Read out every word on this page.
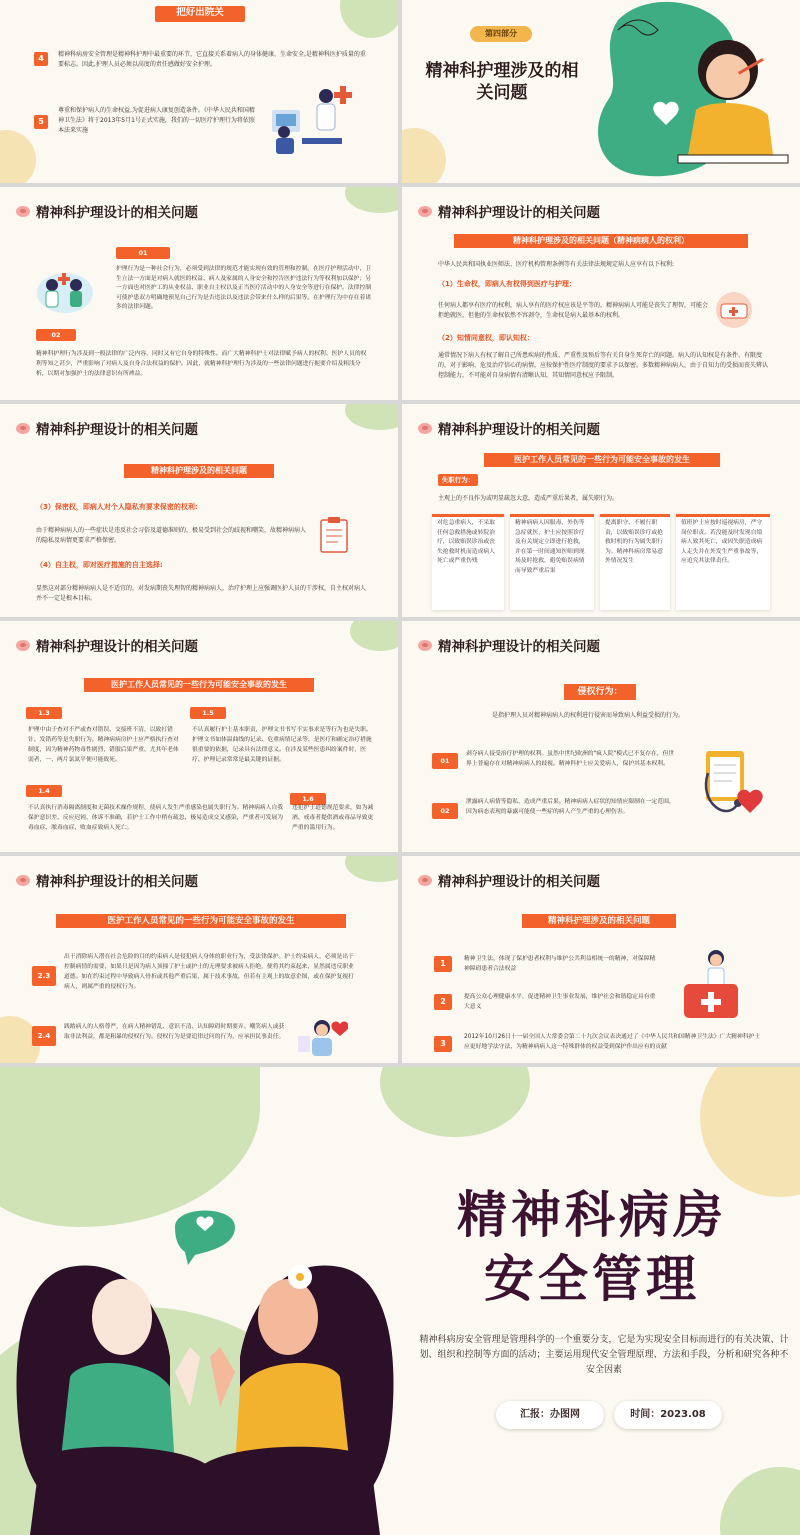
把好出院关
4	精神科病房安全管理是精神科护理中最重要的环节，它直接关系着病人的身体健康、生命安全,是精神科医护质量的重要标志。因此,护理人员必须以高度的责任感做好安全护理。
5
尊重和保护病人的生命权益,为促进病人康复创造条件。《中华人民共和国精神卫生法》将于2013年5月1号正式实施，我们的一切医疗护理行为将依照本法来实施
第四部分
精神科护理涉及的相关问题
精神科护理设计的相关问题
01
护理行为是一种社会行为，必须受到法律的规范才能实现有效的管理和控制。在医疗护理活动中，卫生立法一方面是对病人就医的权益、病人及家属的人身安全和控告医护违法行为等权利加以保护；另一方面也对医护工的从业权益、职业自主权以及正当医疗活动中的人身安全等进行在保护。法律控制可使护患双方明确地预见自己行为是否违法以及违法会带来什么样的后果等。在护理行为中存在着诸多的法律问题。
02
精神科护理行为涉及到一般法律的广泛内容，同时又有它自身的特殊性。而广大精神科护士对法律赋予病人的权利、医护人员的权利等知之甚少，严重影响了对病人及自身合法权益的保护。因此，就精神科护理行为涉及的一些法律问题进行扼要介绍及粗浅分析，以期对加强护士的法律意识有所裨益。
精神科护理设计的相关问题
精神科护理涉及的相关问题（精神病病人的权利）
中华人民共和国执业医师法、医疗机构管理条例等有关法律法规规定病人应享有以下权利:
（1）生命权，即病人有权得到医疗与护理：
任何病人都享有医疗的权利，病人享有的医疗权应该是平等的，精神病病人可能是丧失了理智，可能会拒绝就医，但他的生命权依然不容剥夺，生命权是病人最基本的权利。
（2）知情同意权，即认知权：
通常情况下病人有权了解自己所患疾病的性质、严重性及预后等有关自身生死存亡的问题。病人的认知权是有条件、有限度的，对于影响、危及治疗信心的病情，应按保护性医疗制度的要求予以保密。多数精神病病人，由于自知力的受损而丧失辨认控制能力，不可能对自身病情有清晰认知，其知情同意权应予限制。
精神科护理设计的相关问题
精神科护理涉及的相关问题
（3）保密权，即病人对个人隐私有要求保密的权利:
由于精神病病人的一些症状是违反社会习俗及道德准则的，极易受到社会的歧视和嘲笑，故精神病病人的隐私及病情更要求严格保密。
（4）自主权，即对医疗措施的自主选择:
显然这对部分精神病病人是不适宜的，对发病期丧失理智的精神病病人，治疗护理上应强调医护人员的干涉权，自主权对病人并不一定是根本目标。
精神科护理设计的相关问题
医护工作人员常见的一些行为可能安全事故的发生
失职行为：
主观上的不良作为或明显疏忽大意，造成严重后果者，属失职行为。
对危急重病人，不采取任何急救措施或转院治疗，以致贻误诊治或丧失抢救时机而造成病人死亡或严重伤残
精神病病人因服毒、外伤等急症就医，护士应按照诊疗及有关规定立即进行抢救，并在第一时间通知医师到现场及时抢救，避免贻误病情而导致严重后果
提离职守、不履行职责，以致贻误诊疗或抢救时机的行为属失职行为。精神科病房常易意外情况发生
值班护士应按时巡视病房，严守岗位职责。若没能及时发现自缢病人致其死亡，或因失职造成病人走失并在外发生严重事故等，应追究其法律责任。
精神科护理设计的相关问题
医护工作人员常见的一些行为可能安全事故的发生
1.3
护理中由于查对不严或查对错误、交接班不清，以致打错针、发错药等是失职行为。精神病病房护士应严格执行查对制度，因为精神药物毒性剧烈，错服后果严重，尤其年老体弱者，一、两片氯氮平便可能致死。
1.5
不认真履行护士基本职责，护理文书书写不实事求是等行为也是失职。护理文书如体温曲线的记录、危重病情记录等，是医疗和确定治疗措施很重要的依据，记录具有法律意义。在涉及某些医患纠纷案件时，医疗、护理记录常常是最关键的证据。
1.4
不认真执行消毒隔离制度和无菌技术操作规程，使病人发生严重感染也属失职行为。精神病病人自我保护意识差、反应迟钝、体诉不准确，若护士工作中稍有疏忽，极易造成交叉感染，严重者可发展为毒血症、脓毒血症、败血症致病人死亡。
1.6
违犯护士道德规范要求，如为减酒、戒毒者提供酒或毒品导致更严重的滥用行为。
精神科护理设计的相关问题
侵权行为：
是指护理人员对精神病病人的权利进行侵害而导致病人利益受损的行为。
01
剥夺病人接受治疗护理的权利。虽然中世纪欧洲的"疯人院"模式已不复存在，但世界上普遍存在对精神病病人的歧视。精神科护士应关爱病人，保护其基本权利。
02
泄露病人病情等隐私，造成严重后果。精神病病人症状的知情应限制在一定范围，因为病态表现的暴露可能使一些症的病人产生严重的心理伤害。
精神科护理设计的相关问题
医护工作人员常见的一些行为可能安全事故的发生
2.3
出于消除病人潜在社会危险的目的约束病人是侵犯病人身体的职业行为，受法律保护。护士约束病人，必须是出于控制病情的需要，如果只是因为病人顶撞了护士或护士的无理要求被病人拒绝，便将其约束起来，显然属违反职业道德。如在约束过程中导致病人骨折或其他严重后果，属于技术事故，但若有主观上的故意企图，或在保护复视打病人，则属严重的侵权行为。
2.4
践踏病人的人格尊严，在病人精神错乱、意识不清、认知障碍时期要弄、嘲笑病人或获取非法利益，都是粗暴的侵权行为。侵权行为是要追律过问的行为，应承担民事责任。
精神科护理设计的相关问题
精神科护理涉及的相关问题
1	精神卫生法，体现了保护患者权利与维护公共利益相统一的精神，对保障精神障碍患者合法权益
2	提高公众心理健康水平，促进精神卫生事业发展，维护社会和谐稳定具有重大意义
3
2012年10月26日十一届全国人大常委会第二十九次会议表决通过了《中华人民共和国精神卫生法》广大精神科护士应更好地学法守法，为精神病病人这一特殊群体的权益受到保护作出应有的贡献
精神科病房
安全管理
精神科病房安全管理是管理科学的一个重要分支，它是为实现安全目标而进行的有关决策、计划、组织和控制等方面的活动；主要运用现代安全管理原理、方法和手段，分析和研究各种不安全因素
汇报：办图网	时间：2023.08
